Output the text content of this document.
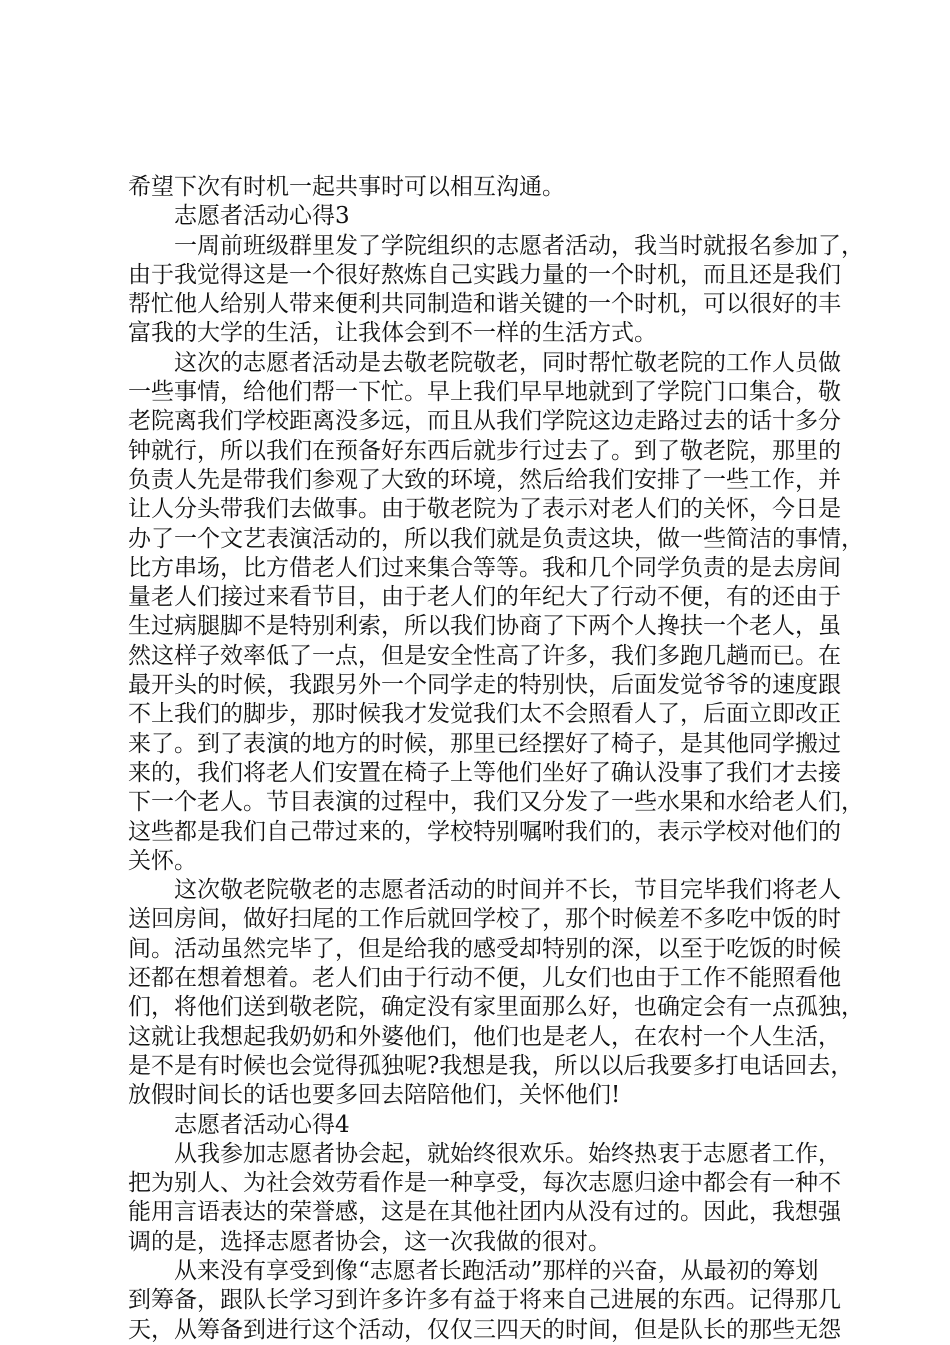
希望下次有时机一起共事时可以相互沟通。
志愿者活动心得3
一周前班级群里发了学院组织的志愿者活动，我当时就报名参加了，
由于我觉得这是一个很好熬炼自己实践力量的一个时机，而且还是我们
帮忙他人给别人带来便利共同制造和谐关键的一个时机，可以很好的丰
富我的大学的生活，让我体会到不一样的生活方式。
这次的志愿者活动是去敬老院敬老，同时帮忙敬老院的工作人员做
一些事情，给他们帮一下忙。早上我们早早地就到了学院门口集合，敬
老院离我们学校距离没多远，而且从我们学院这边走路过去的话十多分
钟就行，所以我们在预备好东西后就步行过去了。到了敬老院，那里的
负责人先是带我们参观了大致的环境，然后给我们安排了一些工作，并
让人分头带我们去做事。由于敬老院为了表示对老人们的关怀，今日是
办了一个文艺表演活动的，所以我们就是负责这块，做一些简洁的事情，
比方串场，比方借老人们过来集合等等。我和几个同学负责的是去房间
量老人们接过来看节目，由于老人们的年纪大了行动不便，有的还由于
生过病腿脚不是特别利索，所以我们协商了下两个人搀扶一个老人，虽
然这样子效率低了一点，但是安全性高了许多，我们多跑几趟而已。在
最开头的时候，我跟另外一个同学走的特别快，后面发觉爷爷的速度跟
不上我们的脚步，那时候我才发觉我们太不会照看人了，后面立即改正
来了。到了表演的地方的时候，那里已经摆好了椅子，是其他同学搬过
来的，我们将老人们安置在椅子上等他们坐好了确认没事了我们才去接
下一个老人。节目表演的过程中，我们又分发了一些水果和水给老人们，
这些都是我们自己带过来的，学校特别嘱咐我们的，表示学校对他们的
关怀。
这次敬老院敬老的志愿者活动的时间并不长，节目完毕我们将老人
送回房间，做好扫尾的工作后就回学校了，那个时候差不多吃中饭的时
间。活动虽然完毕了，但是给我的感受却特别的深，以至于吃饭的时候
还都在想着想着。老人们由于行动不便，儿女们也由于工作不能照看他
们，将他们送到敬老院，确定没有家里面那么好，也确定会有一点孤独，
这就让我想起我奶奶和外婆他们，他们也是老人，在农村一个人生活，
是不是有时候也会觉得孤独呢?我想是我，所以以后我要多打电话回去，
放假时间长的话也要多回去陪陪他们，关怀他们!
志愿者活动心得4
从我参加志愿者协会起，就始终很欢乐。始终热衷于志愿者工作，
把为别人、为社会效劳看作是一种享受，每次志愿归途中都会有一种不
能用言语表达的荣誉感，这是在其他社团内从没有过的。因此，我想强
调的是，选择志愿者协会，这一次我做的很对。
从来没有享受到像“志愿者长跑活动”那样的兴奋，从最初的筹划
到筹备，跟队长学习到许多许多有益于将来自己进展的东西。记得那几
天，从筹备到进行这个活动，仅仅三四天的时间，但是队长的那些无怨
